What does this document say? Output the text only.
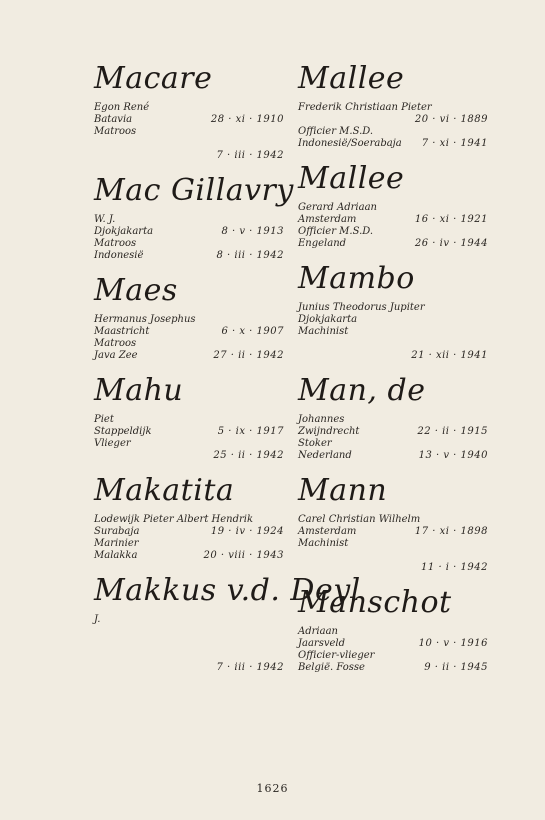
Macare
Egon René
Batavia	28 · xi · 1910
Matroos
7 · iii · 1942
Mac Gillavry
W. J.
Djokjakarta	8 · v · 1913
Matroos
Indonesië	8 · iii · 1942
Maes
Hermanus Josephus
Maastricht	6 · x · 1907
Matroos
Java Zee	27 · ii · 1942
Mahu
Piet
Stappeldijk	5 · ix · 1917
Vlieger
25 · ii · 1942
Makatita
Lodewijk Pieter Albert Hendrik
Surabaja	19 · iv · 1924
Marinier
Malakka	20 · viii · 1943
Makkus v.d. Deyl
J.
7 · iii · 1942
Mallee
Frederik Christiaan Pieter
20 · vi · 1889
Officier M.S.D.
Indonesië/Soerabaja 7 · xi · 1941
Mallee
Gerard Adriaan
Amsterdam	16 · xi · 1921
Officier M.S.D.
Engeland	26 · iv · 1944
Mambo
Junius Theodorus Jupiter
Djokjakarta
Machinist
21 · xii · 1941
Man, de
Johannes
Zwijndrecht	22 · ii · 1915
Stoker
Nederland	13 · v · 1940
Mann
Carel Christian Wilhelm
Amsterdam	17 · xi · 1898
Machinist
11 · i · 1942
Manschot
Adriaan
Jaarsveld	10 · v · 1916
Officier-vlieger
België. Fosse	9 · ii · 1945
1626
